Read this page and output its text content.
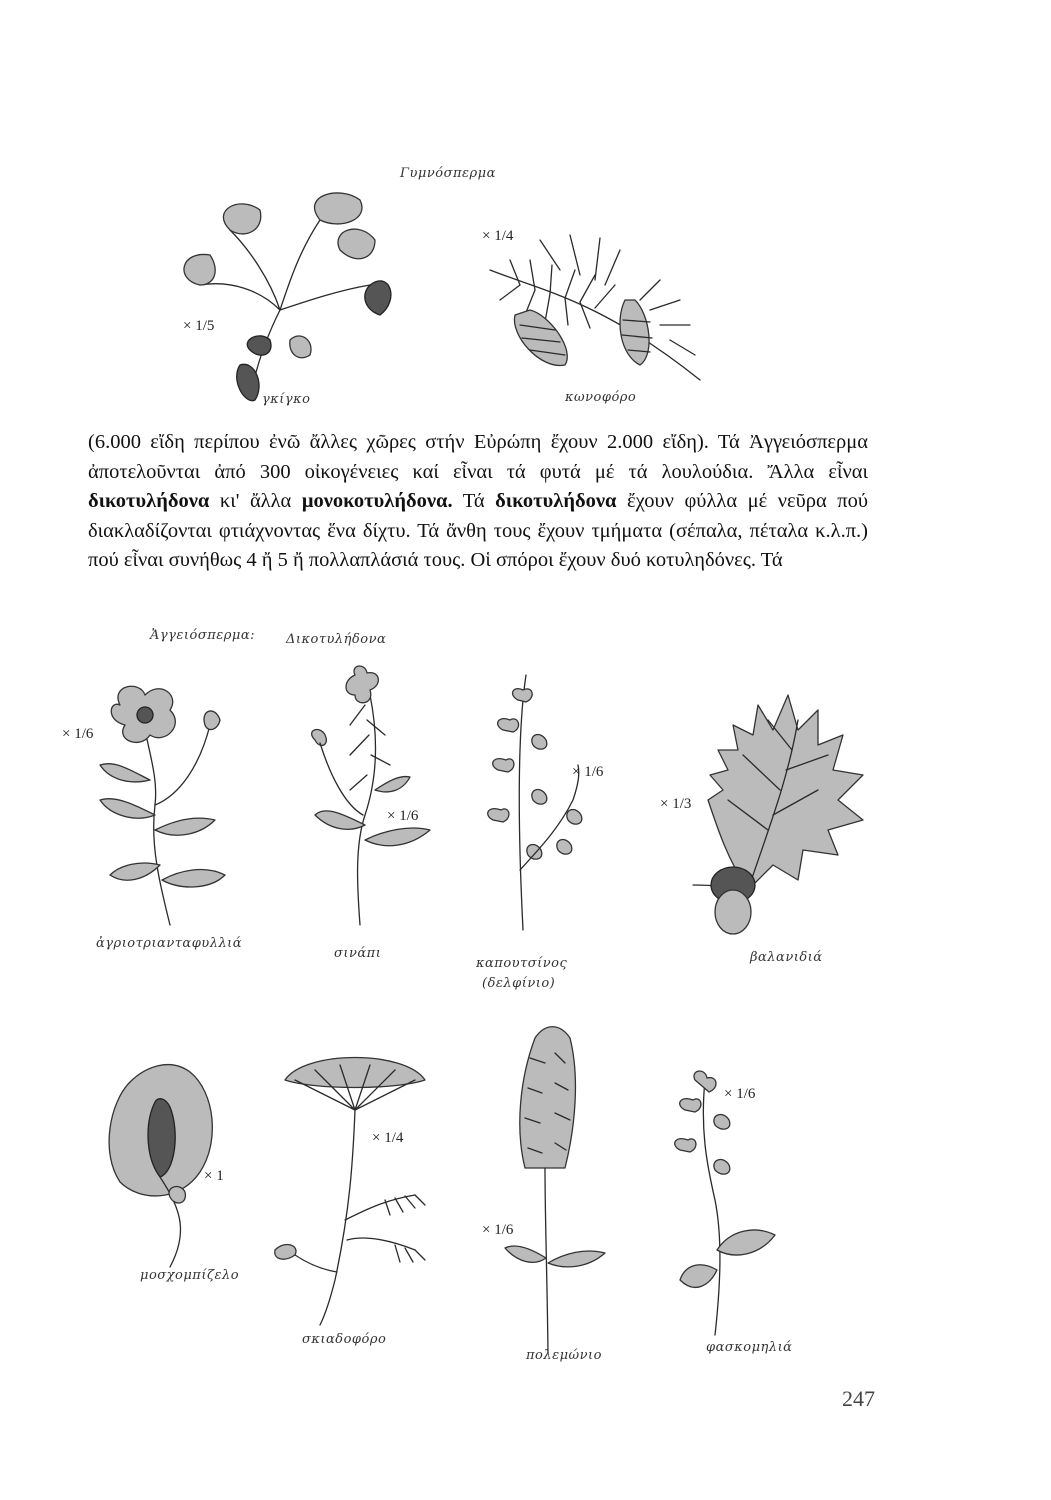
Γυμνόσπερμα
× 1/5
γκίγκο
× 1/4
κωνοφόρο
(6.000 εἴδη περίπου ἐνῶ ἄλλες χῶρες στήν Εὐρώπη ἔχουν 2.000 εἴδη). Τά Ἀγγειόσπερμα ἀποτελοῦνται ἀπό 300 οἰκογένειες καί εἶναι τά φυτά μέ τά λουλούδια. Ἄλλα εἶναι δικοτυλήδονα κι' ἄλλα μονοκοτυλήδονα. Τά δικοτυλήδονα ἔχουν φύλλα μέ νεῦρα πού διακλαδίζονται φτιάχνοντας ἕνα δίχτυ. Τά ἄνθη τους ἔχουν τμήματα (σέπαλα, πέταλα κ.λ.π.) πού εἶναι συνήθως 4 ἤ 5 ἤ πολλαπλάσιά τους. Οἱ σπόροι ἔχουν δυό κοτυληδόνες. Τά
Ἀγγειόσπερμα: Δικοτυλήδονα
× 1/6
ἀγριοτριανταφυλλιά
× 1/6
σινάπι
× 1/6
καπουτσίνος
(δελφίνιο)
× 1/3
βαλανιδιά
× 1
μοσχομπίζελο
× 1/4
σκιαδοφόρο
× 1/6
πολεμώνιο
× 1/6
φασκομηλιά
247
